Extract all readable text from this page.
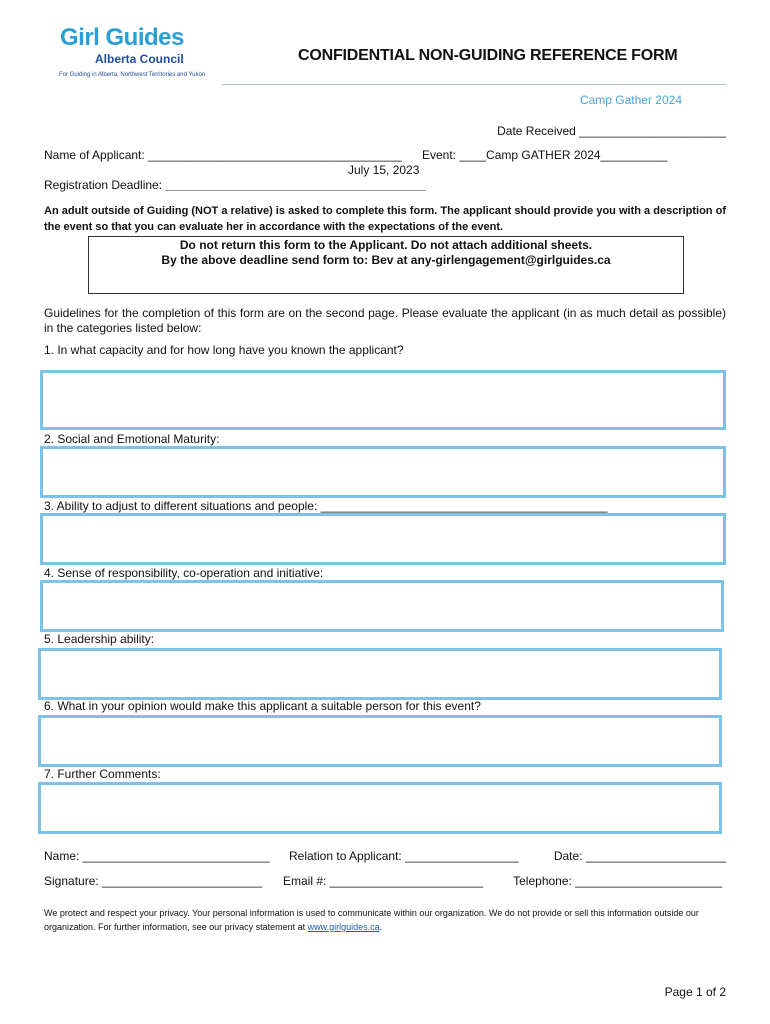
Girl Guides
Alberta Council
For Guiding in Alberta, Northwest Territories and Yukon
CONFIDENTIAL NON-GUIDING REFERENCE FORM
Camp Gather 2024
Date Received ______________________
Name of Applicant: ______________________________________ Event: ____Camp GATHER 2024__________
July 15, 2023
Registration Deadline: _______________________________________
An adult outside of Guiding (NOT a relative) is asked to complete this form. The applicant should provide you with a description of the event so that you can evaluate her in accordance with the expectations of the event.
Do not return this form to the Applicant. Do not attach additional sheets.
By the above deadline send form to: Bev at any-girlengagement@girlguides.ca
Guidelines for the completion of this form are on the second page. Please evaluate the applicant (in as much detail as possible) in the categories listed below:
1. In what capacity and for how long have you known the applicant?
2. Social and Emotional Maturity:
3. Ability to adjust to different situations and people: ___________________________________________
4. Sense of responsibility, co-operation and initiative:
5. Leadership ability:
6. What in your opinion would make this applicant a suitable person for this event?
7. Further Comments:
Name: ____________________________ Relation to Applicant: _________________	Date: _____________________
Signature: ________________________ Email #: _______________________ Telephone: ______________________
We protect and respect your privacy. Your personal information is used to communicate within our organization. We do not provide or sell this information outside our organization. For further information, see our privacy statement at www.girlguides.ca.
Page 1 of 2
